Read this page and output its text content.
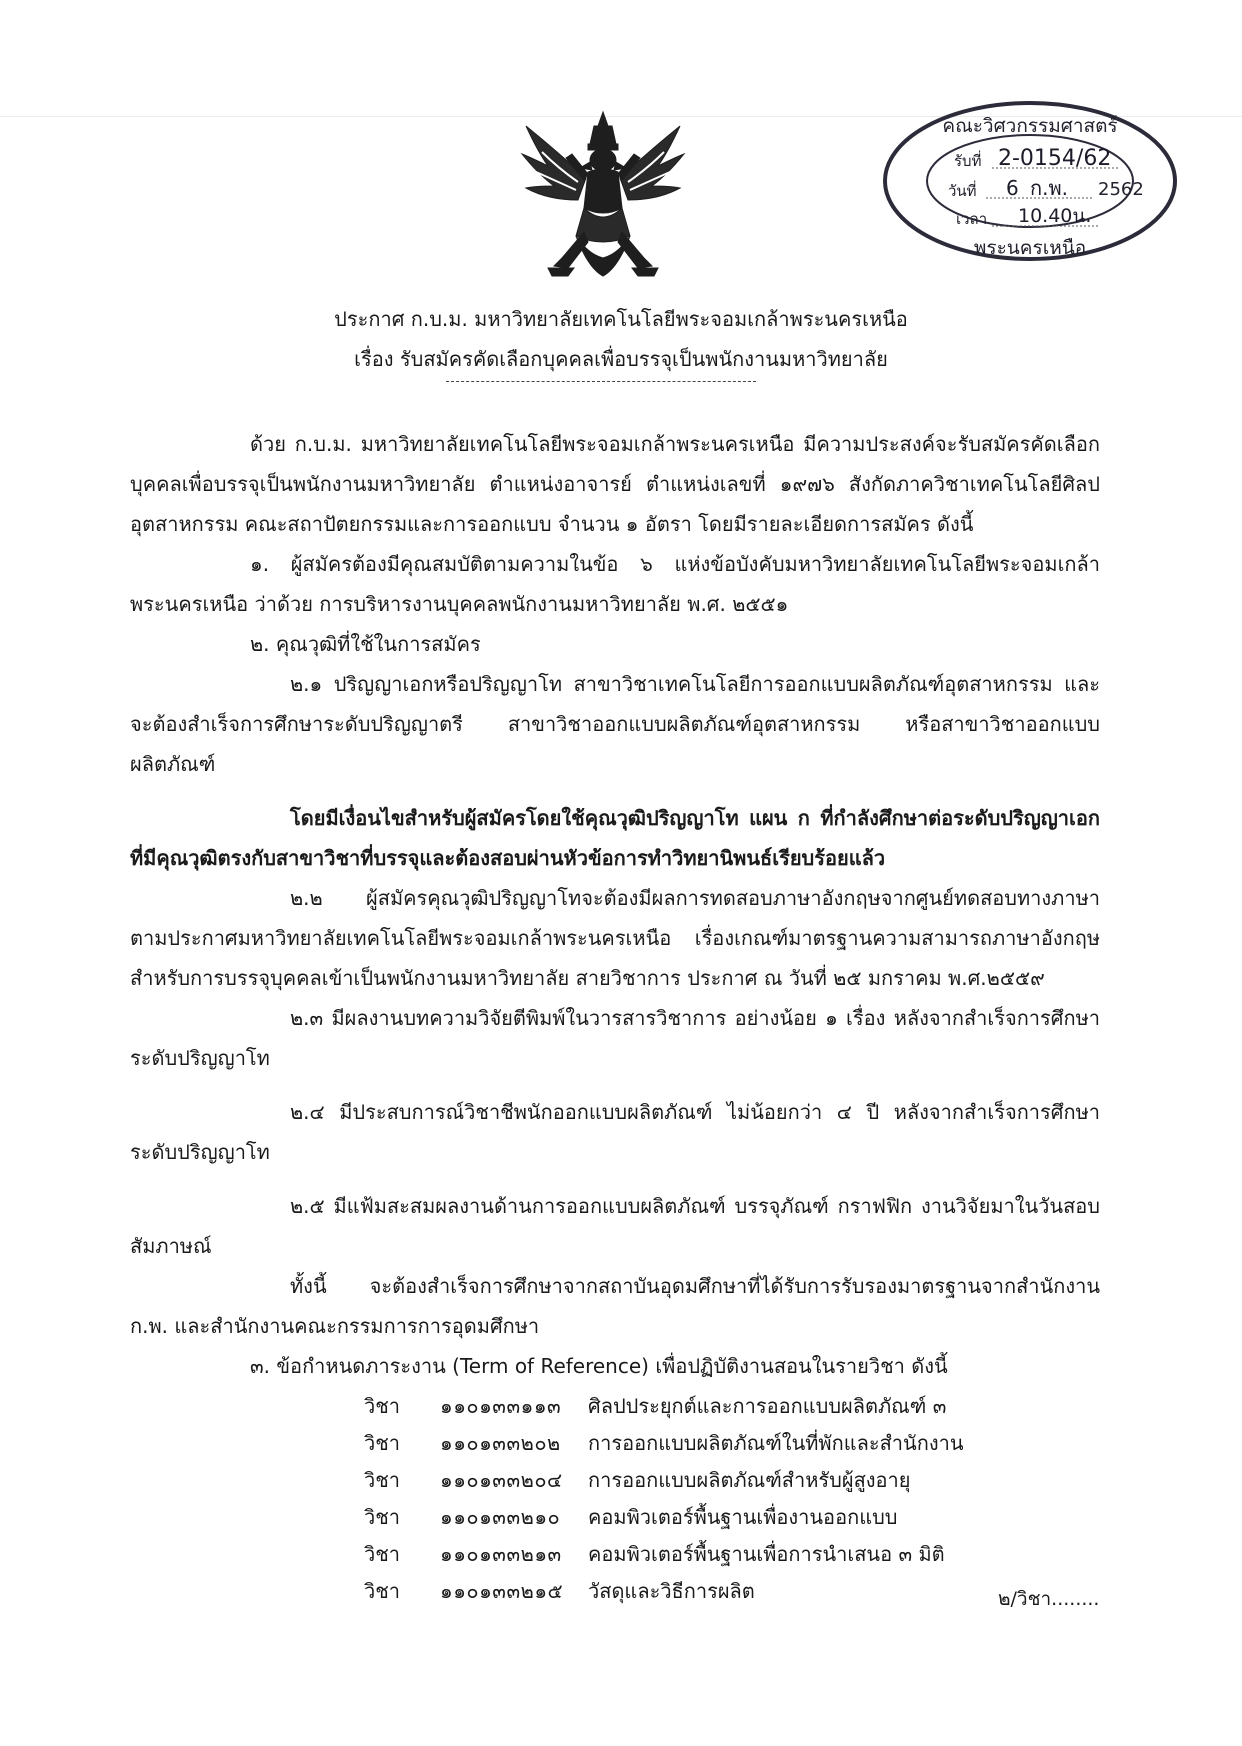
คณะวิศวกรรมศาสตร์
รับที่ 2-0154/62
วันที่ 6 ก.พ. 2562
เวลา 10.40น.
พระนครเหนือ
ประกาศ ก.บ.ม. มหาวิทยาลัยเทคโนโลยีพระจอมเกล้าพระนครเหนือ
เรื่อง รับสมัครคัดเลือกบุคคลเพื่อบรรจุเป็นพนักงานมหาวิทยาลัย

ด้วย ก.บ.ม. มหาวิทยาลัยเทคโนโลยีพระจอมเกล้าพระนครเหนือ มีความประสงค์จะรับสมัครคัดเลือกบุคคลเพื่อบรรจุเป็นพนักงานมหาวิทยาลัย ตำแหน่งอาจารย์ ตำแหน่งเลขที่ ๑๙๗๖ สังกัดภาควิชาเทคโนโลยีศิลปอุตสาหกรรม คณะสถาปัตยกรรมและการออกแบบ จำนวน ๑ อัตรา โดยมีรายละเอียดการสมัคร ดังนี้

๑. ผู้สมัครต้องมีคุณสมบัติตามความในข้อ ๖ แห่งข้อบังคับมหาวิทยาลัยเทคโนโลยีพระจอมเกล้าพระนครเหนือ ว่าด้วย การบริหารงานบุคคลพนักงานมหาวิทยาลัย พ.ศ. ๒๕๕๑

๒. คุณวุฒิที่ใช้ในการสมัคร

๒.๑ ปริญญาเอกหรือปริญญาโท สาขาวิชาเทคโนโลยีการออกแบบผลิตภัณฑ์อุตสาหกรรม และจะต้องสำเร็จการศึกษาระดับปริญญาตรี สาขาวิชาออกแบบผลิตภัณฑ์อุตสาหกรรม หรือสาขาวิชาออกแบบผลิตภัณฑ์

โดยมีเงื่อนไขสำหรับผู้สมัครโดยใช้คุณวุฒิปริญญาโท แผน ก ที่กำลังศึกษาต่อระดับปริญญาเอกที่มีคุณวุฒิตรงกับสาขาวิชาที่บรรจุและต้องสอบผ่านหัวข้อการทำวิทยานิพนธ์เรียบร้อยแล้ว

๒.๒ ผู้สมัครคุณวุฒิปริญญาโทจะต้องมีผลการทดสอบภาษาอังกฤษจากศูนย์ทดสอบทางภาษาตามประกาศมหาวิทยาลัยเทคโนโลยีพระจอมเกล้าพระนครเหนือ เรื่องเกณฑ์มาตรฐานความสามารถภาษาอังกฤษสำหรับการบรรจุบุคคลเข้าเป็นพนักงานมหาวิทยาลัย สายวิชาการ ประกาศ ณ วันที่ ๒๕ มกราคม พ.ศ.๒๕๕๙

๒.๓ มีผลงานบทความวิจัยตีพิมพ์ในวารสารวิชาการ อย่างน้อย ๑ เรื่อง หลังจากสำเร็จการศึกษาระดับปริญญาโท

๒.๔ มีประสบการณ์วิชาชีพนักออกแบบผลิตภัณฑ์ ไม่น้อยกว่า ๔ ปี หลังจากสำเร็จการศึกษาระดับปริญญาโท

๒.๕ มีแฟ้มสะสมผลงานด้านการออกแบบผลิตภัณฑ์ บรรจุภัณฑ์ กราฟฟิก งานวิจัยมาในวันสอบสัมภาษณ์

ทั้งนี้ จะต้องสำเร็จการศึกษาจากสถาบันอุดมศึกษาที่ได้รับการรับรองมาตรฐานจากสำนักงาน ก.พ. และสำนักงานคณะกรรมการการอุดมศึกษา

๓. ข้อกำหนดภาระงาน (Term of Reference) เพื่อปฏิบัติงานสอนในรายวิชา ดังนี้

วิชา ๑๑๐๑๓๓๑๑๓ ศิลปประยุกต์และการออกแบบผลิตภัณฑ์ ๓
วิชา ๑๑๐๑๓๓๒๐๒ การออกแบบผลิตภัณฑ์ในที่พักและสำนักงาน
วิชา ๑๑๐๑๓๓๒๐๔ การออกแบบผลิตภัณฑ์สำหรับผู้สูงอายุ
วิชา ๑๑๐๑๓๓๒๑๐ คอมพิวเตอร์พื้นฐานเพื่องานออกแบบ
วิชา ๑๑๐๑๓๓๒๑๓ คอมพิวเตอร์พื้นฐานเพื่อการนำเสนอ ๓ มิติ
วิชา ๑๑๐๑๓๓๒๑๕ วัสดุและวิธีการผลิต	๒/วิชา........
